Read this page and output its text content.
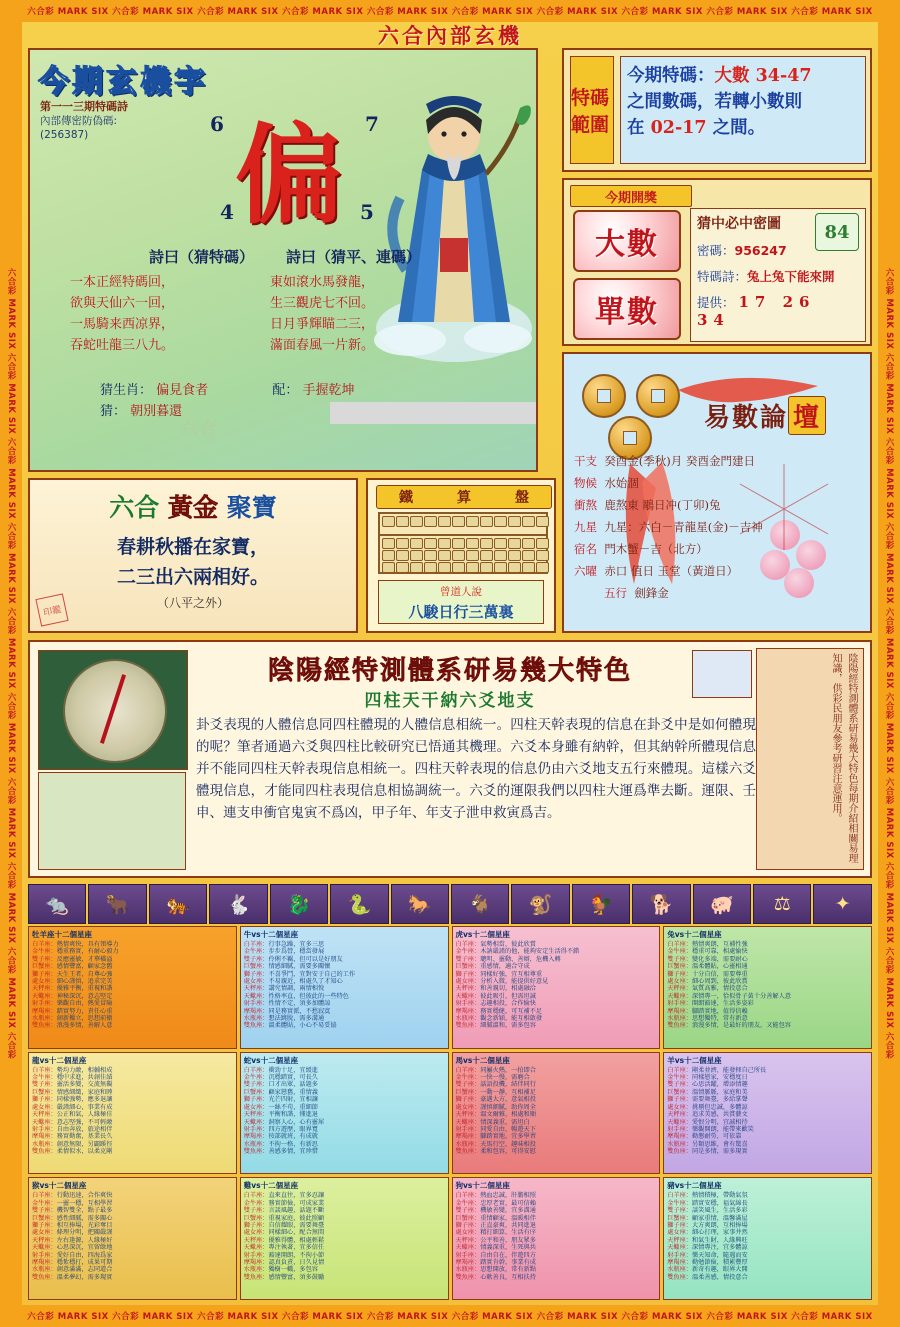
六合彩 MARK SIX 六合彩 MARK SIX 六合彩 MARK SIX 六合彩 MARK SIX 六合彩 MARK SIX 六合彩 MARK SIX 六合彩 MARK SIX 六合彩 MARK SIX 六合彩 MARK SIX 六合彩 MARK SIX
六合彩 MARK SIX 六合彩 MARK SIX 六合彩 MARK SIX 六合彩 MARK SIX 六合彩 MARK SIX 六合彩 MARK SIX 六合彩 MARK SIX 六合彩 MARK SIX 六合彩 MARK SIX 六合彩 MARK SIX
六合彩 MARK SIX 六合彩 MARK SIX 六合彩 MARK SIX 六合彩 MARK SIX 六合彩 MARK SIX 六合彩 MARK SIX 六合彩 MARK SIX 六合彩 MARK SIX 六合彩 MARK SIX 六合彩	六合彩 MARK SIX 六合彩 MARK SIX 六合彩 MARK SIX 六合彩 MARK SIX 六合彩 MARK SIX 六合彩 MARK SIX 六合彩 MARK SIX 六合彩 MARK SIX 六合彩 MARK SIX 六合彩
六合內部玄機
今期玄機字
第一一三期特碼詩
內部傳密防偽碼:
(256387)	6	7
4	5
偏
詩曰（猜特碼） 詩曰（猜平、連碼）
一本正經特碼回，	東如滾水馬發龍，
欲與天仙六一回，	生三觀虎七不回。
一馬騎来西凉界，	日月爭輝瞄二三，
吞蛇吐龍三八九。	滿面春風一片新。
猜生肖： 偏見食者	配： 手握乾坤
猜： 朝別暮還
六合
六合 黃金 聚寶
春耕秋播在家寶，
二三出六兩相好。
（八平之外）
印鑑
鐵	算	盤
曾道人說
八駿日行三萬裏
特碼範圍
今期特碼：大數 34-47
之間數碼，若轉小數則
在 02-17 之間。
今期開獎
大數
單數
猜中必中密圖	84
密碼：956247
特碼詩：兔上兔下能來開
提供： 17 26 34
易數論 壇
干支 癸酉金(季秋)月 癸酉金門建日
物候 水始涸
衝熬 鹿熬東 鵰日冲(丁卯)兔
九星 九星：六白－青龍星(金)－吉神
宿名 門木蟹－吉（北方）
六曜 赤口 值日 玉堂（黃道日）
五行 劍鋒金
陰陽經特測體系研易幾大特色
四柱天干納六爻地支
卦爻表現的人體信息同四柱體現的人體信息相統一。四柱天幹表現的信息在卦爻中是如何體現的呢？筆者通過六爻與四柱比較研究已悟通其機理。六爻本身雖有納幹，但其納幹所體現信息并不能同四柱天幹表現信息相統一。四柱天幹表現的信息仍由六爻地支五行來體現。這樣六爻體現信息，才能同四柱表現信息相協調統一。六爻的運限我們以四柱大運爲準去斷。運限、壬申、連支申衝官鬼寅不爲凶，甲子年、年支子泄申救寅爲吉。	陰陽經特測體系研易幾大特色每期介紹相關易理知識，供彩民朋友參考研習注意運用。
🐀	🐂	🐅	🐇	🐉	🐍	🐎	🐐	🐒	🐓	🐕	🐖	⚖	✦
牡羊座十二個星座
白羊座：熱情爽快，具有領導力
金牛座：穩重務實，有耐心毅力
雙子座：反應靈敏，才華橫溢
巨蟹座：感情豐富，顧家念舊
獅子座：天生王者，自尊心強
處女座：細心謹慎，追求完美
天秤座：優雅平衡，重視和諧
天蠍座：神秘深沉，意志堅定
射手座：樂觀自由，熱愛冒險
摩羯座：踏實努力，責任心重
水瓶座：創新獨立，思想前衛
雙魚座：浪漫多情，善解人意
牛vs十二個星座
白羊座：行事急躁，宜多三思
金牛座：步步爲營，穩當發展
雙子座：伶俐不羈，但可以是好朋友
巨蟹座：情感細膩，需要多關懷
獅子座：不喜爭鬥，宜對安于自己的工作
處女座：不易親近，相處久了才知心
天秤座：講究情調，兩情相悅
天蠍座：性格率直，但彼此的一些特色
射手座：性情不定，須多加體諒
摩羯座：同是務實派，不愁寂寞
水瓶座：想法跳脫，需多溝通
雙魚座：溫柔體貼，小心不易妥協
虎vs十二個星座
白羊座：氣勢相當，彼此欣賞
金牛座：木訥嚴謹的他，能夠安定生活得不錯
雙子座：聰明、靈動、善辯，危機入轉
巨蟹座：重感情，適合守成
獅子座：同樣好強，宜互相尊重
處女座：分析入微，能提供好意見
天秤座：和善親切，相處融洽
天蠍座：彼此吸引，但需坦誠
射手座：志趣相投，合作愉快
摩羯座：務實穩健，可互補不足
水瓶座：觀念新穎，能互相啟發
雙魚座：細膩溫和，需多包容
兔vs十二個星座
白羊座：熱情爽朗，互補性強
金牛座：穩重可靠，相處愉快
雙子座：變化多端，需要耐心
巨蟹座：溫柔體貼，心靈相通
獅子座：十分自信，需要尊重
處女座：細心周到，彼此欣賞
天秤座：氣質高雅，情投意合
天蠍座：深情專一，恰似骨子黃十分善解人意
射手座：開朗豁達，生活多姿彩
摩羯座：腳踏實地，值得信賴
水瓶座：思想獨特，常有新意
雙魚座：浪漫多情，是最好的朋友，又能包容
龍vs十二個星座
白羊座：勢均力敵，相輔相成
金牛座：穩中求進，共創佳績
雙子座：靈活多變，交流無礙
巨蟹座：情感細緻，家庭和睦
獅子座：同樣強勢，應多退讓
處女座：嚴謹細心，事業有成
天秤座：公正和氣，人緣極佳
天蠍座：意志堅強，不可輕敵
射手座：自由奔放，旅途相伴
摩羯座：務實勤奮，基業長久
水瓶座：創意無限，另闢蹊徑
雙魚座：柔情似水，以柔克剛
蛇vs十二個星座
白羊座：衝勁十足，宜緩進
金牛座：沉穩踏實，可長久
雙子座：口才出眾，話題多
巨蟹座：顧家戀舊，重情義
獅子座：光芒四射，宜相讓
處女座：一絲不苟，重細節
天秤座：平衡和諧，懂進退
天蠍座：洞察人心，心有靈犀
射手座：四方遊歷，眼界寬
摩羯座：按部就班，有成就
水瓶座：不拘一格，有新思
雙魚座：善感多情，宜珍惜
馬vs十二個星座
白羊座：同屬火熱，一拍即合
金牛座：一快一慢，需磨合
雙子座：話語投機，結伴同行
巨蟹座：一動一靜，互相補足
獅子座：豪邁大方，意氣相投
處女座：謹慎細膩，助你周全
天秤座：溫文爾雅，相處和順
天蠍座：情深義重，需坦白
射手座：同愛自由，暢遊天下
摩羯座：腳踏實地，宜多學習
水瓶座：天馬行空，趣味相投
雙魚座：柔和包容，可得安慰
羊vs十二個星座
白羊座：剛柔並濟，能發揮自己所長
金牛座：同樣戀家，安穩度日
雙子座：心思活躍，增添情趣
巨蟹座：溫情脈脈，家庭和美
獅子座：需要舞臺，多給掌聲
處女座：挑剔但忠誠，多體諒
天秤座：追求美感，共賞藝文
天蠍座：愛恨分明，宜誠相待
射手座：樂觀開朗，能帶來歡笑
摩羯座：勤懇耐勞，可依靠
水瓶座：另類思維，會有驚喜
雙魚座：同是多情，需多現實
猴vs十二個星座
白羊座：行動迅速，合作爽快
金牛座：一靈一穩，互相學習
雙子座：機智雙全，點子最多
巨蟹座：感性細膩，需多關心
獅子座：相互捧場，光彩奪目
處女座：條理分明，把關嚴謹
天秤座：左右逢源，人緣極好
天蠍座：心思深沉，宜留餘地
射手座：愛好自由，四海爲家
摩羯座：穩紮穩打，成果可期
水瓶座：創意滿滿，志同道合
雙魚座：溫柔夢幻，需多現實
雞vs十二個星座
白羊座：直來直往，宜多忍讓
金牛座：務實節儉，可成家業
雙子座：言談風趣，話題不斷
巨蟹座：重視家庭，彼此照顧
獅子座：自信耀眼，需要舞臺
處女座：同樣細心，配合無間
天秤座：優雅得體，相處輕鬆
天蠍座：專注執著，宜多信任
射手座：豁達開朗，不拘小節
摩羯座：認真負責，日久見情
水瓶座：獨樹一幟，多包容
雙魚座：感情豐富，須多鼓勵
狗vs十二個星座
白羊座：熱血忠誠，肝膽相照
金牛座：忠厚老實，最可信賴
雙子座：機敏善變，宜多溝通
巨蟹座：重情顧家，溫暖相伴
獅子座：正直豪爽，共同進退
處女座：精打細算，生活有序
天秤座：公平和善，朋友眾多
天蠍座：情義深重，生死與共
射手座：自由自在，伴遊四方
摩羯座：踏實肯幹，事業有成
水瓶座：思想開放，常有新點
雙魚座：心軟善良，互相扶持
豬vs十二個星座
白羊座：熱情積極，帶動氣氛
金牛座：踏實安穩，福氣綿長
雙子座：談笑風生，生活多彩
巨蟹座：顧家重情，溫馨滿屋
獅子座：大方爽朗，互相捧場
處女座：細心打理，家事井然
天秤座：和氣生財，人緣興旺
天蠍座：深情專注，宜多體諒
射手座：樂天知命，隨遇而安
摩羯座：勤勉節儉，積累豐厚
水瓶座：新奇有趣，眼界大開
雙魚座：溫柔善感，情投意合
